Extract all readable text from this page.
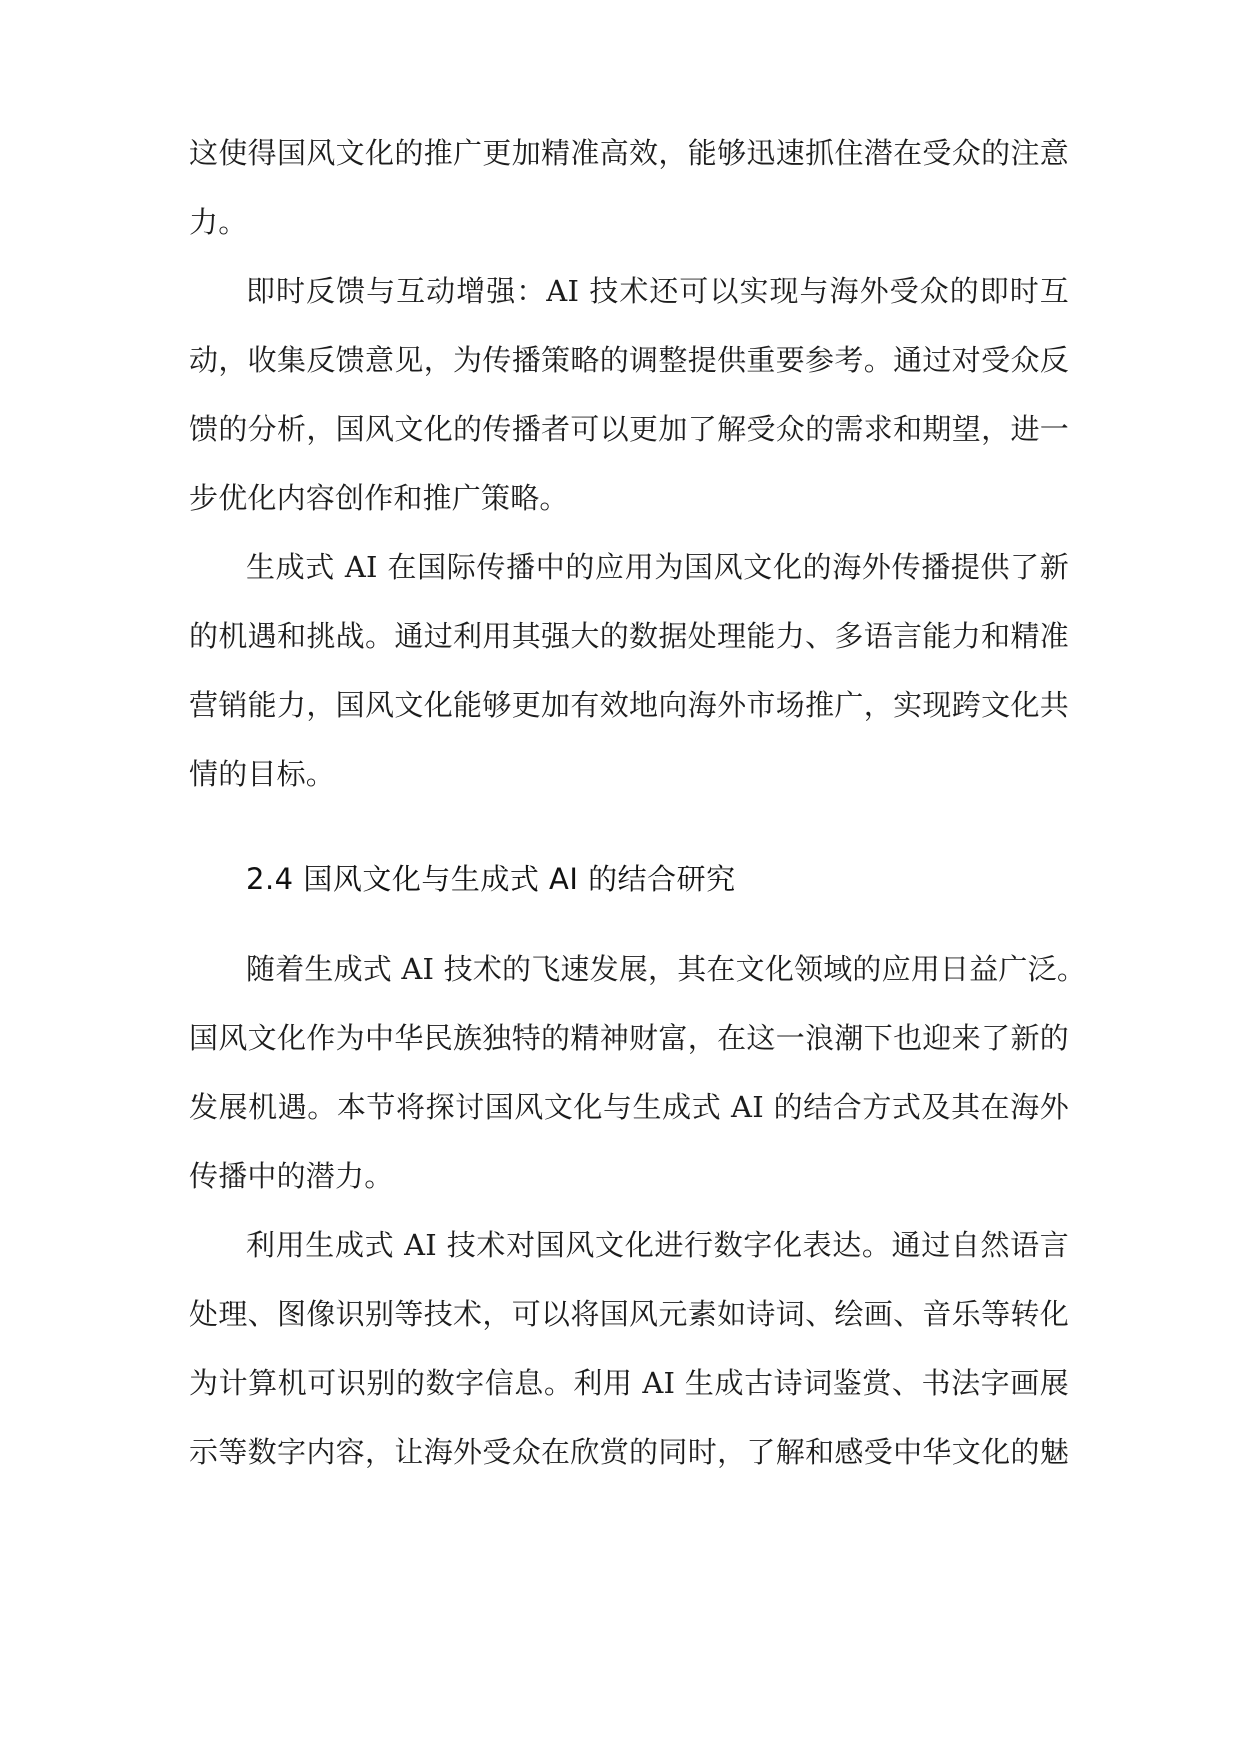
这使得国风文化的推广更加精准高效，能够迅速抓住潜在受众的注意
力。
即时反馈与互动增强：AI 技术还可以实现与海外受众的即时互
动，收集反馈意见，为传播策略的调整提供重要参考。通过对受众反
馈的分析，国风文化的传播者可以更加了解受众的需求和期望，进一
步优化内容创作和推广策略。
生成式 AI 在国际传播中的应用为国风文化的海外传播提供了新
的机遇和挑战。通过利用其强大的数据处理能力、多语言能力和精准
营销能力，国风文化能够更加有效地向海外市场推广，实现跨文化共
情的目标。
2.4 国风文化与生成式 AI 的结合研究
随着生成式 AI 技术的飞速发展，其在文化领域的应用日益广泛。
国风文化作为中华民族独特的精神财富，在这一浪潮下也迎来了新的
发展机遇。本节将探讨国风文化与生成式 AI 的结合方式及其在海外
传播中的潜力。
利用生成式 AI 技术对国风文化进行数字化表达。通过自然语言
处理、图像识别等技术，可以将国风元素如诗词、绘画、音乐等转化
为计算机可识别的数字信息。利用 AI 生成古诗词鉴赏、书法字画展
示等数字内容，让海外受众在欣赏的同时，了解和感受中华文化的魅
